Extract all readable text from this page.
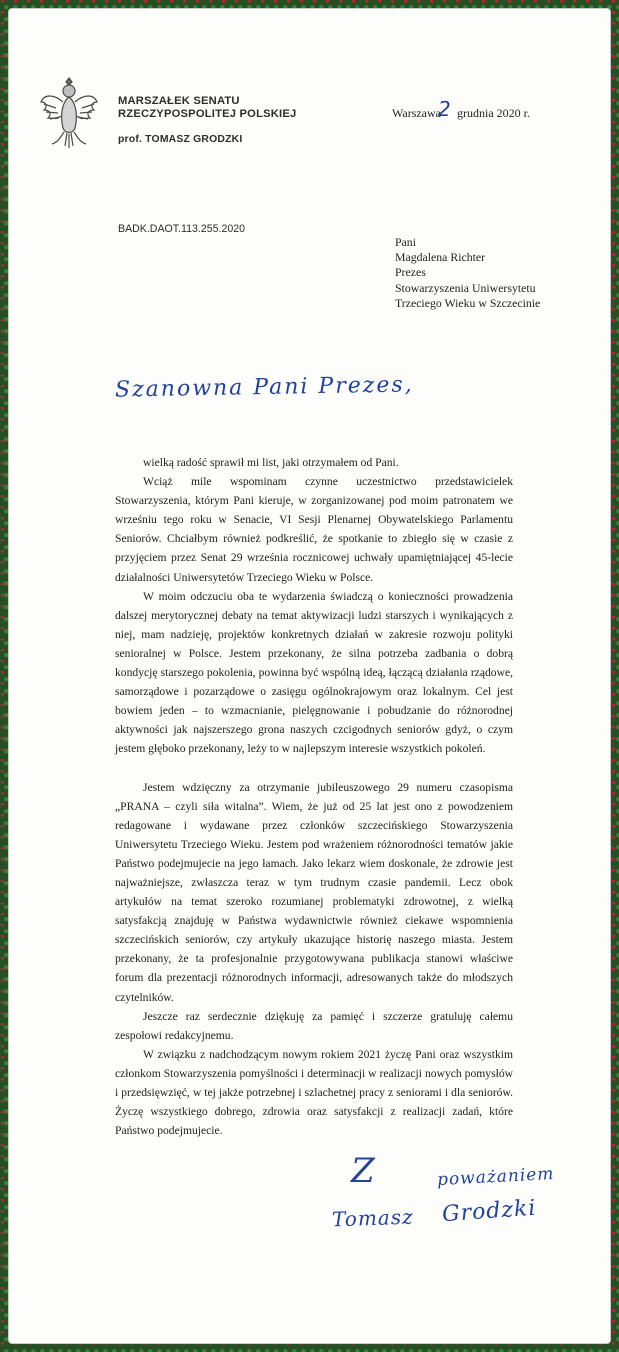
MARSZAŁEK SENATU
RZECZYPOSPOLITEJ POLSKIEJ
prof. TOMASZ GRODZKI
Warszawa grudnia 2020 r.
2
BADK.DAOT.113.255.2020
Pani
Magdalena Richter
Prezes
Stowarzyszenia Uniwersytetu
Trzeciego Wieku w Szczecinie
Szanowna Pani Prezes,

wielką radość sprawił mi list, jaki otrzymałem od Pani.

Wciąż mile wspominam czynne uczestnictwo przedstawicielek Stowarzyszenia, którym Pani kieruje, w zorganizowanej pod moim patronatem we wrześniu tego roku w Senacie, VI Sesji Plenarnej Obywatelskiego Parlamentu Seniorów. Chciałbym również podkreślić, że spotkanie to zbiegło się w czasie z przyjęciem przez Senat 29 września rocznicowej uchwały upamiętniającej 45-lecie działalności Uniwersytetów Trzeciego Wieku w Polsce.

W moim odczuciu oba te wydarzenia świadczą o konieczności prowadzenia dalszej merytorycznej debaty na temat aktywizacji ludzi starszych i wynikających z niej, mam nadzieję, projektów konkretnych działań w zakresie rozwoju polityki senioralnej w Polsce. Jestem przekonany, że silna potrzeba zadbania o dobrą kondycję starszego pokolenia, powinna być wspólną ideą, łączącą działania rządowe, samorządowe i pozarządowe o zasięgu ogólnokrajowym oraz lokalnym. Cel jest bowiem jeden – to wzmacnianie, pielęgnowanie i pobudzanie do różnorodnej aktywności jak najszerszego grona naszych czcigodnych seniorów gdyż, o czym jestem głęboko przekonany, leży to w najlepszym interesie wszystkich pokoleń.

Jestem wdzięczny za otrzymanie jubileuszowego 29 numeru czasopisma „PRANA – czyli siła witalna”. Wiem, że już od 25 lat jest ono z powodzeniem redagowane i wydawane przez członków szczecińskiego Stowarzyszenia Uniwersytetu Trzeciego Wieku. Jestem pod wrażeniem różnorodności tematów jakie Państwo podejmujecie na jego łamach. Jako lekarz wiem doskonale, że zdrowie jest najważniejsze, zwłaszcza teraz w tym trudnym czasie pandemii. Lecz obok artykułów na temat szeroko rozumianej problematyki zdrowotnej, z wielką satysfakcją znajduję w Państwa wydawnictwie również ciekawe wspomnienia szczecińskich seniorów, czy artykuły ukazujące historię naszego miasta. Jestem przekonany, że ta profesjonalnie przygotowywana publikacja stanowi właściwe forum dla prezentacji różnorodnych informacji, adresowanych także do młodszych czytelników.

Jeszcze raz serdecznie dziękuję za pamięć i szczerze gratuluję całemu zespołowi redakcyjnemu.

W związku z nadchodzącym nowym rokiem 2021 życzę Pani oraz wszystkim członkom Stowarzyszenia pomyślności i determinacji w realizacji nowych pomysłów i przedsięwzięć, w tej jakże potrzebnej i szlachetnej pracy z seniorami i dla seniorów. Życzę wszystkiego dobrego, zdrowia oraz satysfakcji z realizacji zadań, które Państwo podejmujecie.

Z	poważaniem
Tomasz Grodzki
